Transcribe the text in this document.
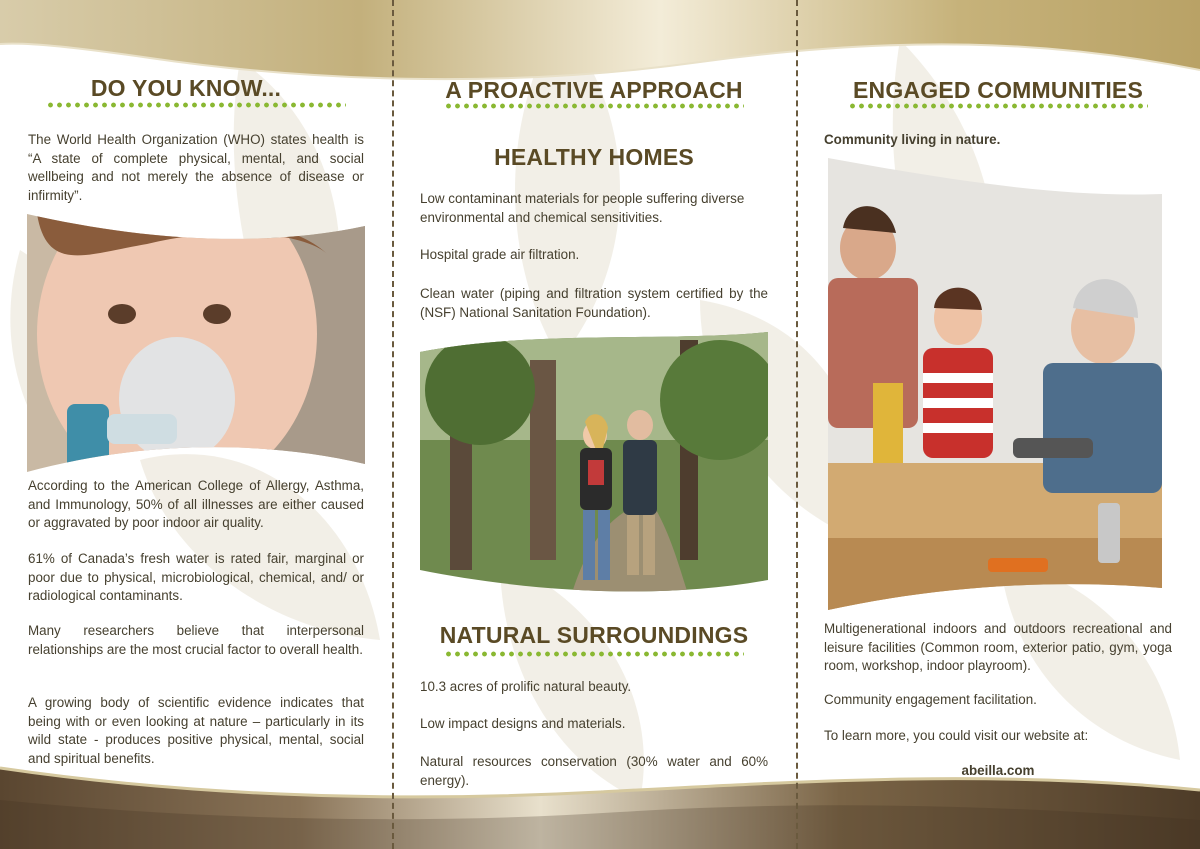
DO YOU KNOW...

The World Health Organization (WHO) states health is “A state of complete physical, mental, and social wellbeing and not merely the absence of disease or infirmity”.

According to the American College of Allergy, Asthma, and Immunology, 50% of all illnesses are either caused or aggravated by poor indoor air quality.

61% of Canada’s fresh water is rated fair, marginal or poor due to physical, microbiological, chemical, and/ or radiological contaminants.

Many researchers believe that interpersonal relationships are the most crucial factor to overall health.

A growing body of scientific evidence indicates that being with or even looking at nature – particularly in its wild state - produces positive physical, mental, social and spiritual benefits.

A PROACTIVE APPROACH
HEALTHY HOMES

Low contaminant materials for people suffering diverse environmental and chemical sensitivities.

Hospital grade air filtration.

Clean water (piping and filtration system certified by the (NSF) National Sanitation Foundation).

NATURAL SURROUNDINGS

10.3 acres of prolific natural beauty.

Low impact designs and materials.

Natural resources conservation (30% water and 60% energy).

ENGAGED COMMUNITIES

Community living in nature.

Multigenerational indoors and outdoors recreational and leisure facilities (Common room, exterior patio, gym, yoga room, workshop, indoor playroom).

Community engagement facilitation.

To learn more, you could visit our website at:

abeilla.com
